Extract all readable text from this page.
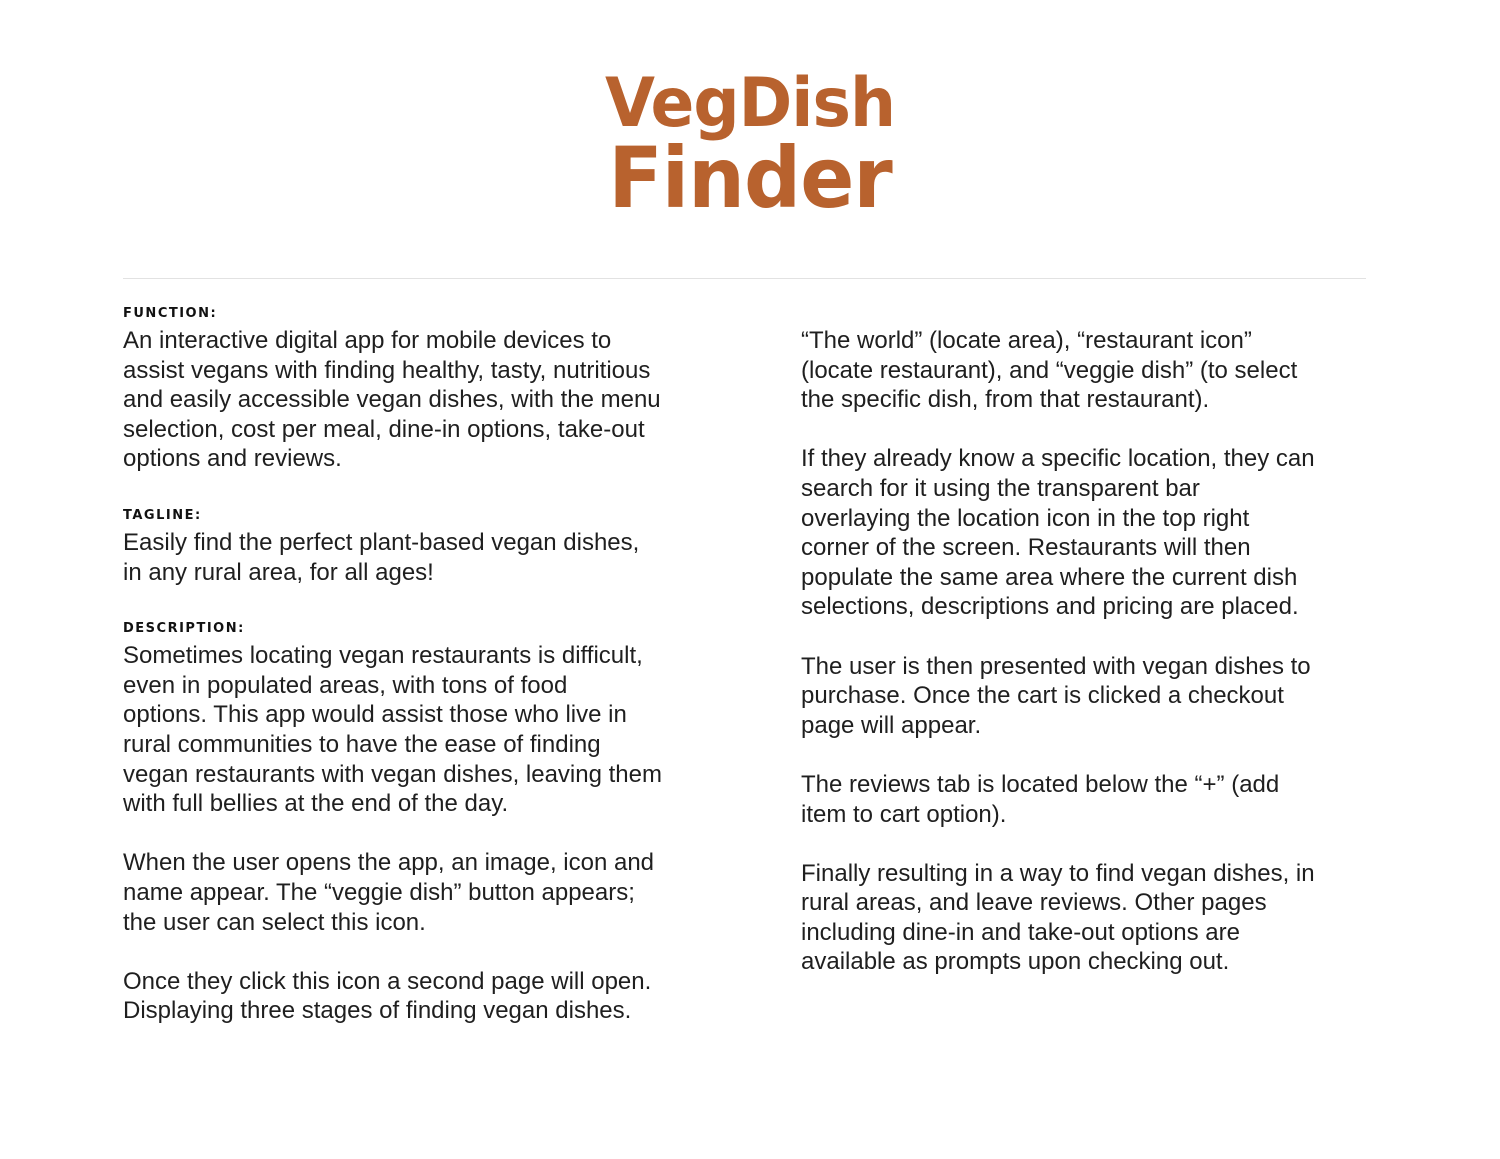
VegDish
Finder
FUNCTION:

An interactive digital app for mobile devices to
assist vegans with finding healthy, tasty, nutritious
and easily accessible vegan dishes, with the menu
selection, cost per meal, dine-in options, take-out
options and reviews.

TAGLINE:

Easily find the perfect plant-based vegan dishes,
in any rural area, for all ages!

DESCRIPTION:

Sometimes locating vegan restaurants is difficult,
even in populated areas, with tons of food
options. This app would assist those who live in
rural communities to have the ease of finding
vegan restaurants with vegan dishes, leaving them
with full bellies at the end of the day.

When the user opens the app, an image, icon and
name appear. The “veggie dish” button appears;
the user can select this icon.

Once they click this icon a second page will open.
Displaying three stages of finding vegan dishes.

“The world” (locate area), “restaurant icon”
(locate restaurant), and “veggie dish” (to select
the specific dish, from that restaurant).

If they already know a specific location, they can
search for it using the transparent bar
overlaying the location icon in the top right
corner of the screen. Restaurants will then
populate the same area where the current dish
selections, descriptions and pricing are placed.

The user is then presented with vegan dishes to
purchase. Once the cart is clicked a checkout
page will appear.

The reviews tab is located below the “+” (add
item to cart option).

Finally resulting in a way to find vegan dishes, in
rural areas, and leave reviews. Other pages
including dine-in and take-out options are
available as prompts upon checking out.
